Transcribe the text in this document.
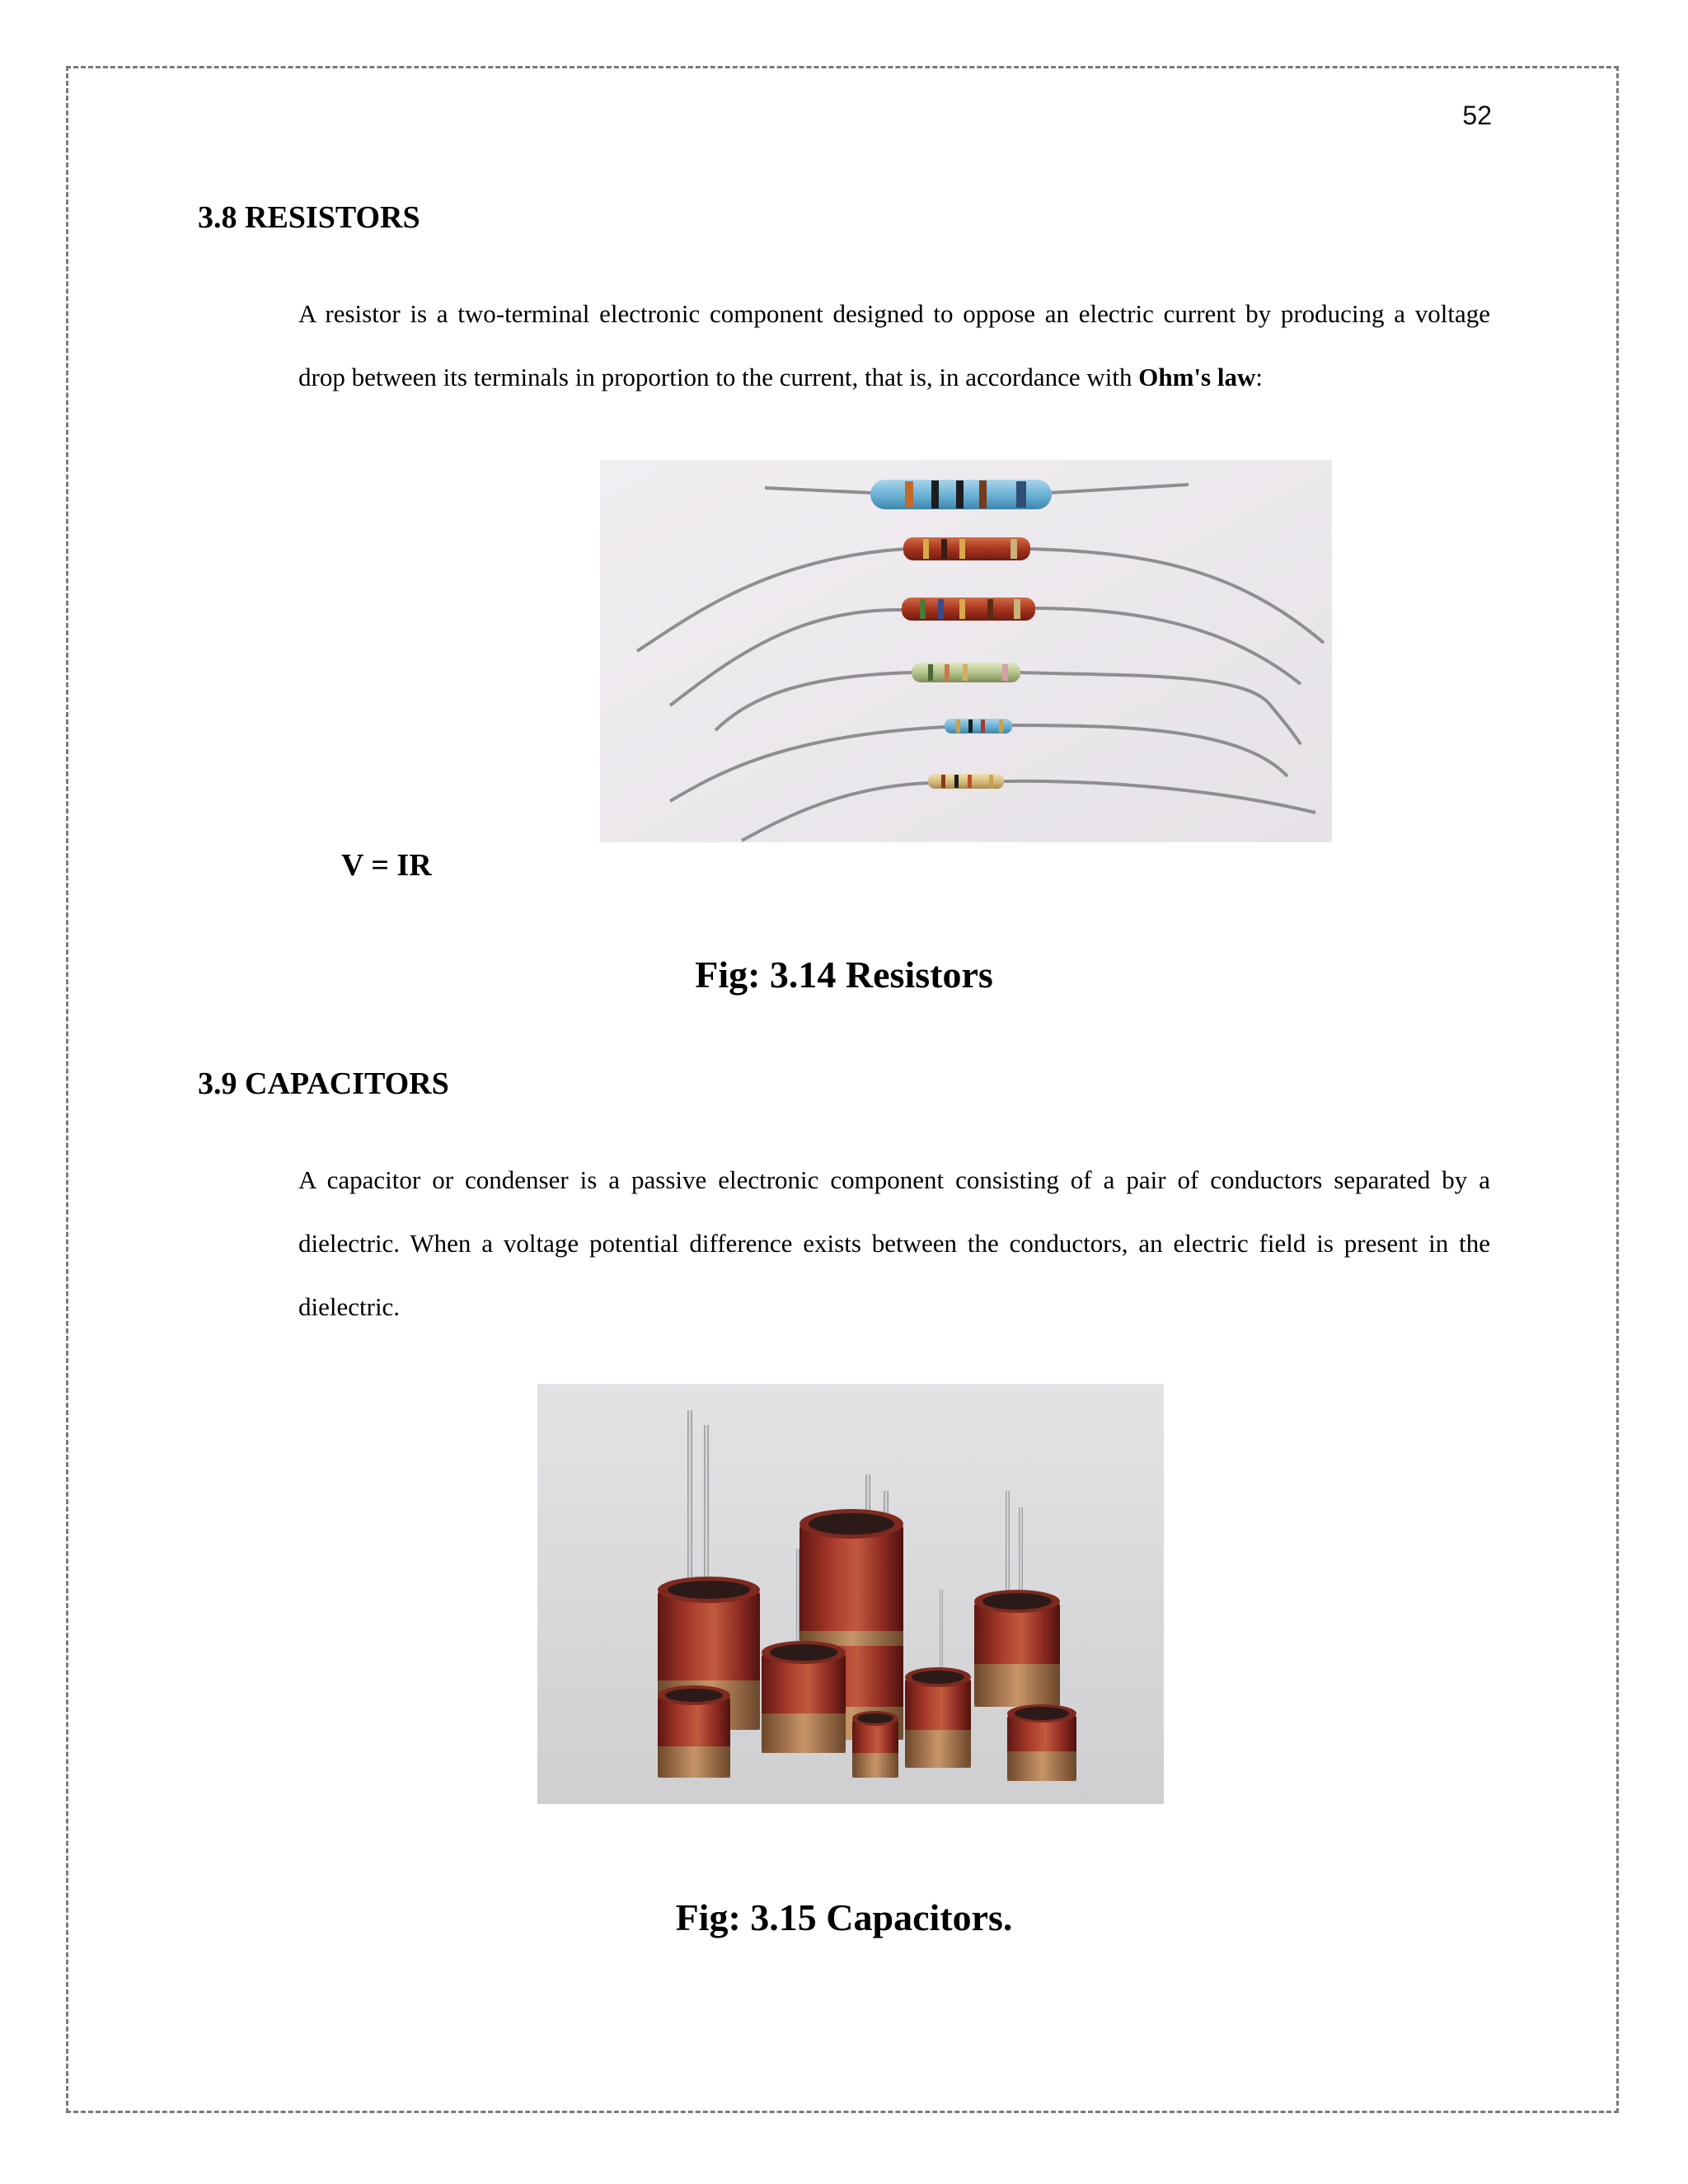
52
3.8 RESISTORS

A resistor is a two-terminal electronic component designed to oppose an electric current by producing a voltage drop between its terminals in proportion to the current, that is, in accordance with Ohm's law:

V = IR
Fig: 3.14 Resistors
3.9 CAPACITORS

A capacitor or condenser is a passive electronic component consisting of a pair of conductors separated by a dielectric. When a voltage potential difference exists between the conductors, an electric field is present in the dielectric.

Fig: 3.15 Capacitors.
